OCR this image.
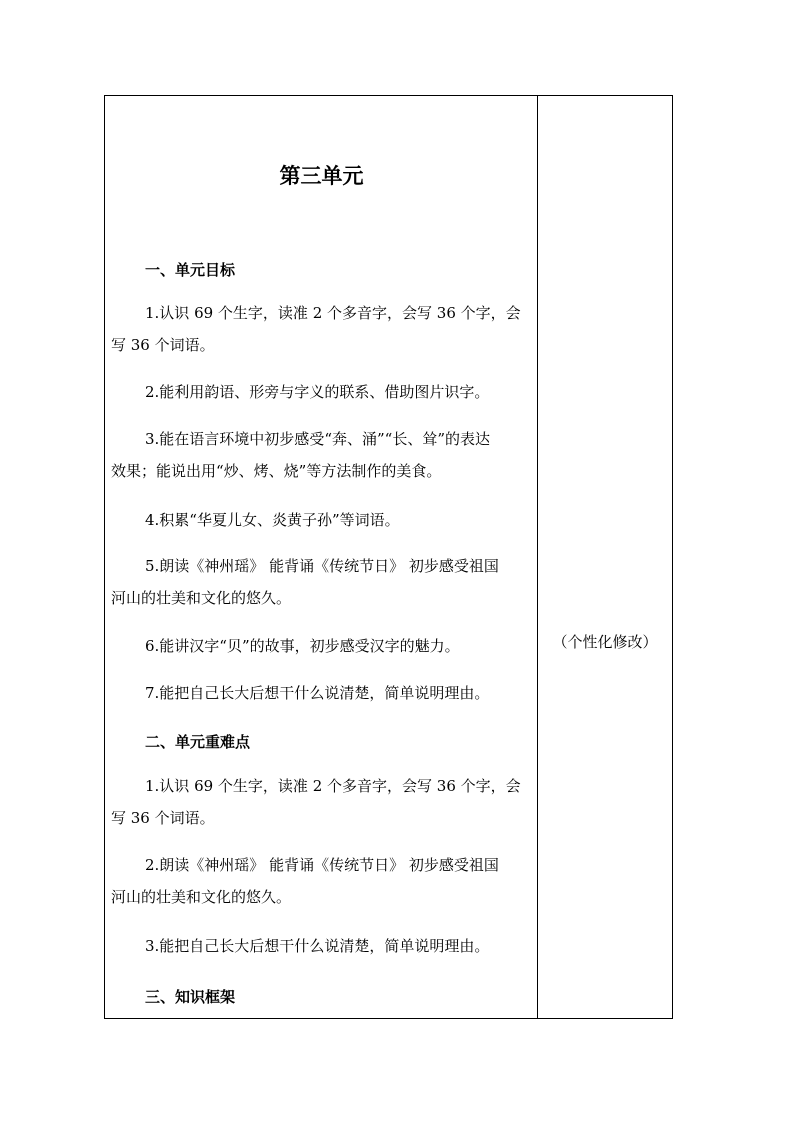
第三单元
一、单元目标
1.认识 69 个生字，读准 2 个多音字，会写 36 个字，会
写 36 个词语。
2.能利用韵语、形旁与字义的联系、借助图片识字。
3.能在语言环境中初步感受“奔、涌”“长、耸”的表达
效果；能说出用“炒、烤、烧”等方法制作的美食。
4.积累“华夏儿女、炎黄子孙”等词语。
5.朗读《神州瑶》 能背诵《传统节日》 初步感受祖国
河山的壮美和文化的悠久。
6.能讲汉字“贝”的故事，初步感受汉字的魅力。
7.能把自己长大后想干什么说清楚，简单说明理由。
二、单元重难点
1.认识 69 个生字，读准 2 个多音字，会写 36 个字，会
写 36 个词语。
2.朗读《神州瑶》 能背诵《传统节日》 初步感受祖国
河山的壮美和文化的悠久。
3.能把自己长大后想干什么说清楚，简单说明理由。
三、知识框架
（个性化修改）
